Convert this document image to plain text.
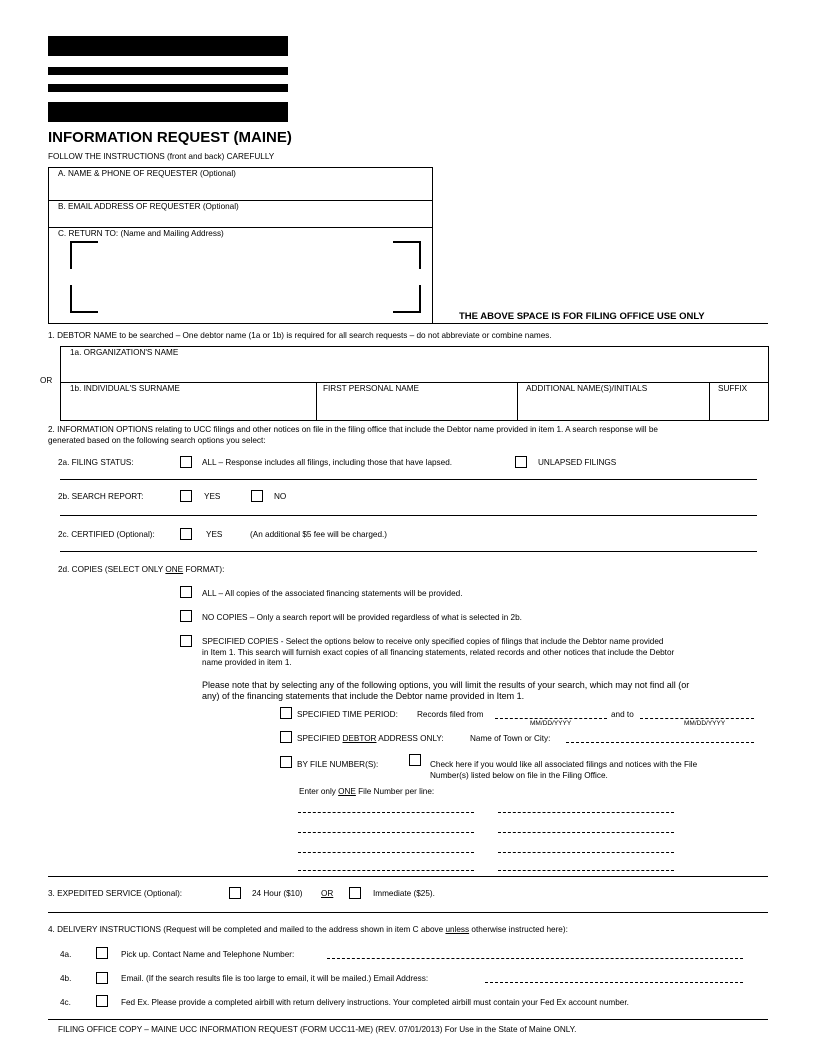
INFORMATION REQUEST (MAINE)
FOLLOW THE INSTRUCTIONS (front and back) CAREFULLY
A. NAME & PHONE OF REQUESTER (Optional)
B. EMAIL ADDRESS OF REQUESTER (Optional)
C. RETURN TO: (Name and Mailing Address)
THE ABOVE SPACE IS FOR FILING OFFICE USE ONLY
1. DEBTOR NAME to be searched – One debtor name (1a or 1b) is required for all search requests – do not abbreviate or combine names.
1a. ORGANIZATION'S NAME
OR
1b. INDIVIDUAL'S SURNAME	FIRST PERSONAL NAME	ADDITIONAL NAME(S)/INITIALS	SUFFIX
2. INFORMATION OPTIONS relating to UCC filings and other notices on file in the filing office that include the Debtor name provided in item 1. A search response will be
generated based on the following search options you select:
2a. FILING STATUS:	ALL – Response includes all filings, including those that have lapsed.	UNLAPSED FILINGS
2b. SEARCH REPORT:	YES	NO
2c. CERTIFIED (Optional):	YES	(An additional $5 fee will be charged.)
2d. COPIES (SELECT ONLY ONE FORMAT):
ALL – All copies of the associated financing statements will be provided.
NO COPIES – Only a search report will be provided regardless of what is selected in 2b.
SPECIFIED COPIES - Select the options below to receive only specified copies of filings that include the Debtor name provided
in Item 1. This search will furnish exact copies of all financing statements, related records and other notices that include the Debtor
name provided in item 1.
Please note that by selecting any of the following options, you will limit the results of your search, which may not find all (or
any) of the financing statements that include the Debtor name provided in Item 1.
SPECIFIED TIME PERIOD: Records filed from
MM/DD/YYYY
and to
MM/DD/YYYY
SPECIFIED DEBTOR ADDRESS ONLY:	Name of Town or City:
BY FILE NUMBER(S):	Check here if you would like all associated filings and notices with the File
Number(s) listed below on file in the Filing Office.
Enter only ONE File Number per line:
3. EXPEDITED SERVICE (Optional):	24 Hour ($10) OR	Immediate ($25).
4. DELIVERY INSTRUCTIONS (Request will be completed and mailed to the address shown in item C above unless otherwise instructed here):
4a.	Pick up. Contact Name and Telephone Number:
4b.	Email. (If the search results file is too large to email, it will be mailed.) Email Address:
4c.	Fed Ex. Please provide a completed airbill with return delivery instructions. Your completed airbill must contain your Fed Ex account number.
FILING OFFICE COPY – MAINE UCC INFORMATION REQUEST (FORM UCC11-ME) (REV. 07/01/2013) For Use in the State of Maine ONLY.
